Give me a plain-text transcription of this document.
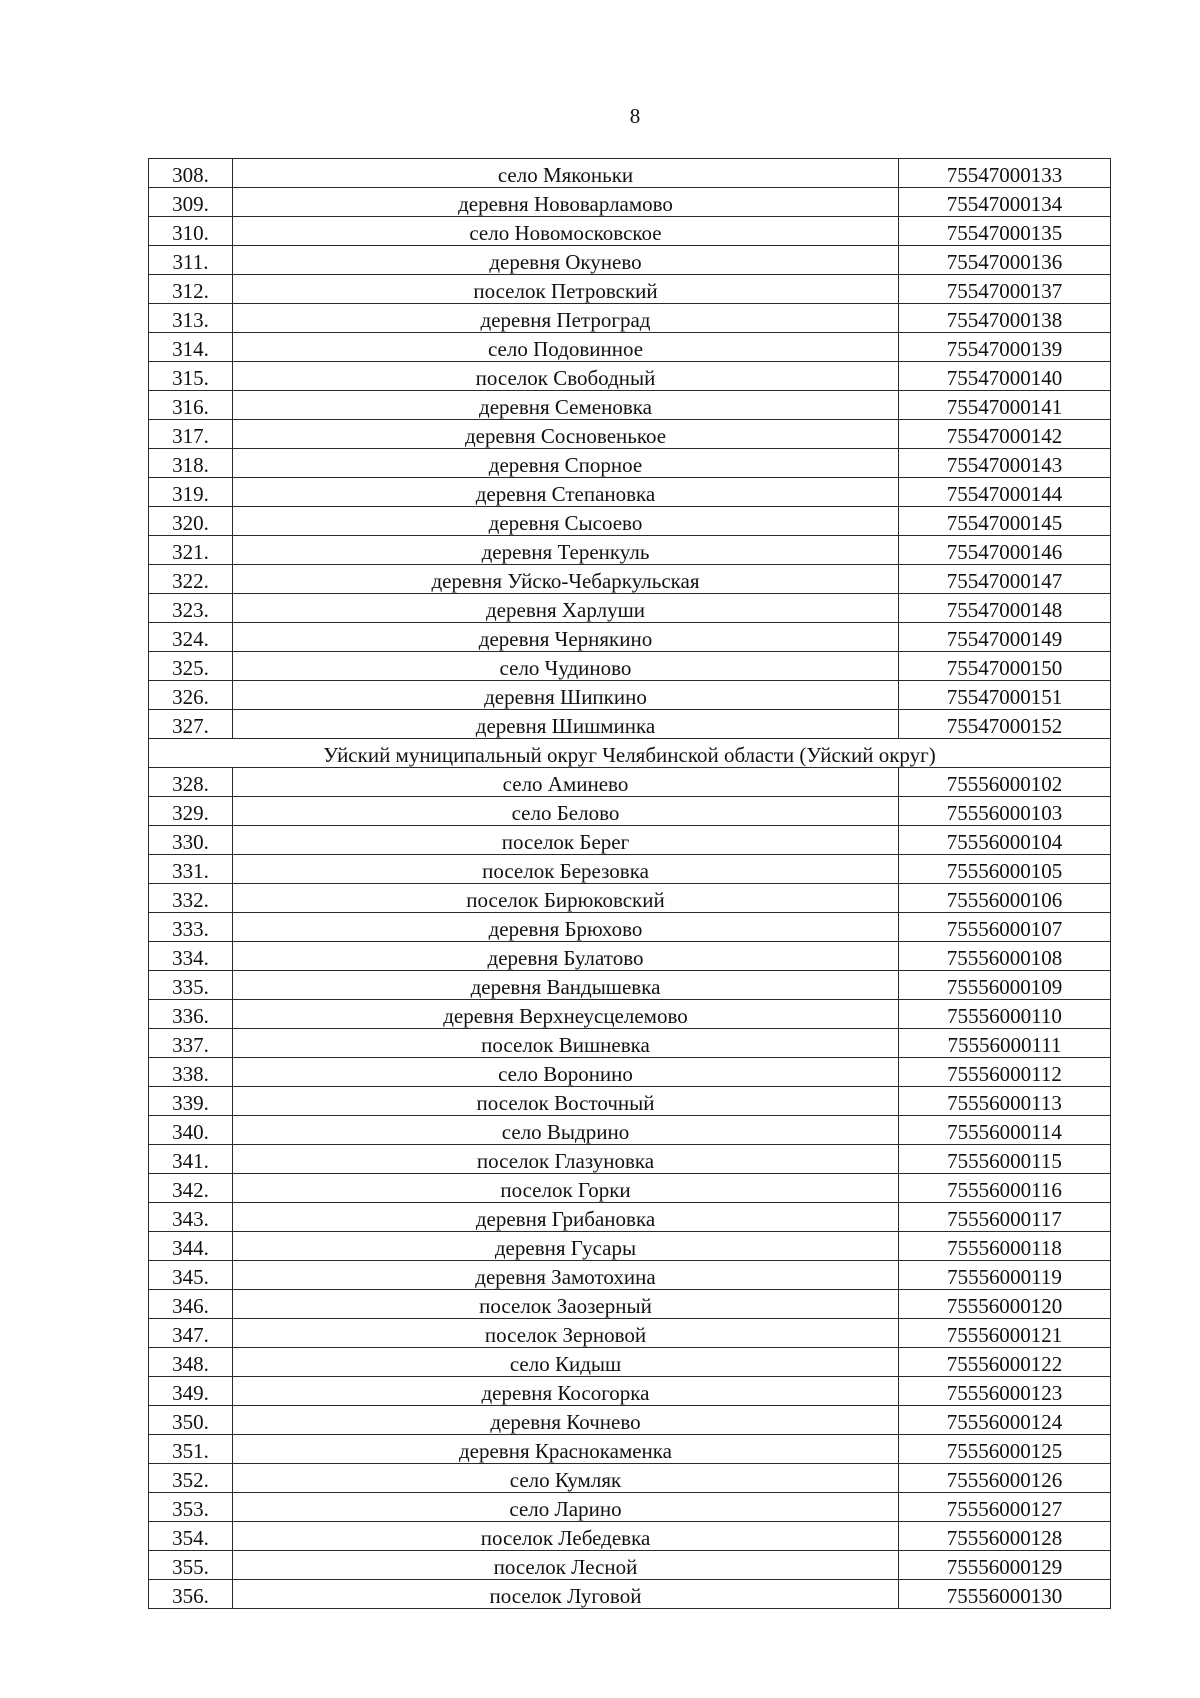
8
308.	село Мяконьки	75547000133
309.	деревня Нововарламово	75547000134
310.	село Новомосковское	75547000135
311.	деревня Окунево	75547000136
312.	поселок Петровский	75547000137
313.	деревня Петроград	75547000138
314.	село Подовинное	75547000139
315.	поселок Свободный	75547000140
316.	деревня Семеновка	75547000141
317.	деревня Сосновенькое	75547000142
318.	деревня Спорное	75547000143
319.	деревня Степановка	75547000144
320.	деревня Сысоево	75547000145
321.	деревня Теренкуль	75547000146
322.	деревня Уйско-Чебаркульская	75547000147
323.	деревня Харлуши	75547000148
324.	деревня Чернякино	75547000149
325.	село Чудиново	75547000150
326.	деревня Шипкино	75547000151
327.	деревня Шишминка	75547000152
Уйский муниципальный округ Челябинской области (Уйский округ)		
328.	село Аминево	75556000102
329.	село Белово	75556000103
330.	поселок Берег	75556000104
331.	поселок Березовка	75556000105
332.	поселок Бирюковский	75556000106
333.	деревня Брюхово	75556000107
334.	деревня Булатово	75556000108
335.	деревня Вандышевка	75556000109
336.	деревня Верхнеусцелемово	75556000110
337.	поселок Вишневка	75556000111
338.	село Воронино	75556000112
339.	поселок Восточный	75556000113
340.	село Выдрино	75556000114
341.	поселок Глазуновка	75556000115
342.	поселок Горки	75556000116
343.	деревня Грибановка	75556000117
344.	деревня Гусары	75556000118
345.	деревня Замотохина	75556000119
346.	поселок Заозерный	75556000120
347.	поселок Зерновой	75556000121
348.	село Кидыш	75556000122
349.	деревня Косогорка	75556000123
350.	деревня Кочнево	75556000124
351.	деревня Краснокаменка	75556000125
352.	село Кумляк	75556000126
353.	село Ларино	75556000127
354.	поселок Лебедевка	75556000128
355.	поселок Лесной	75556000129
356.	поселок Луговой	75556000130
